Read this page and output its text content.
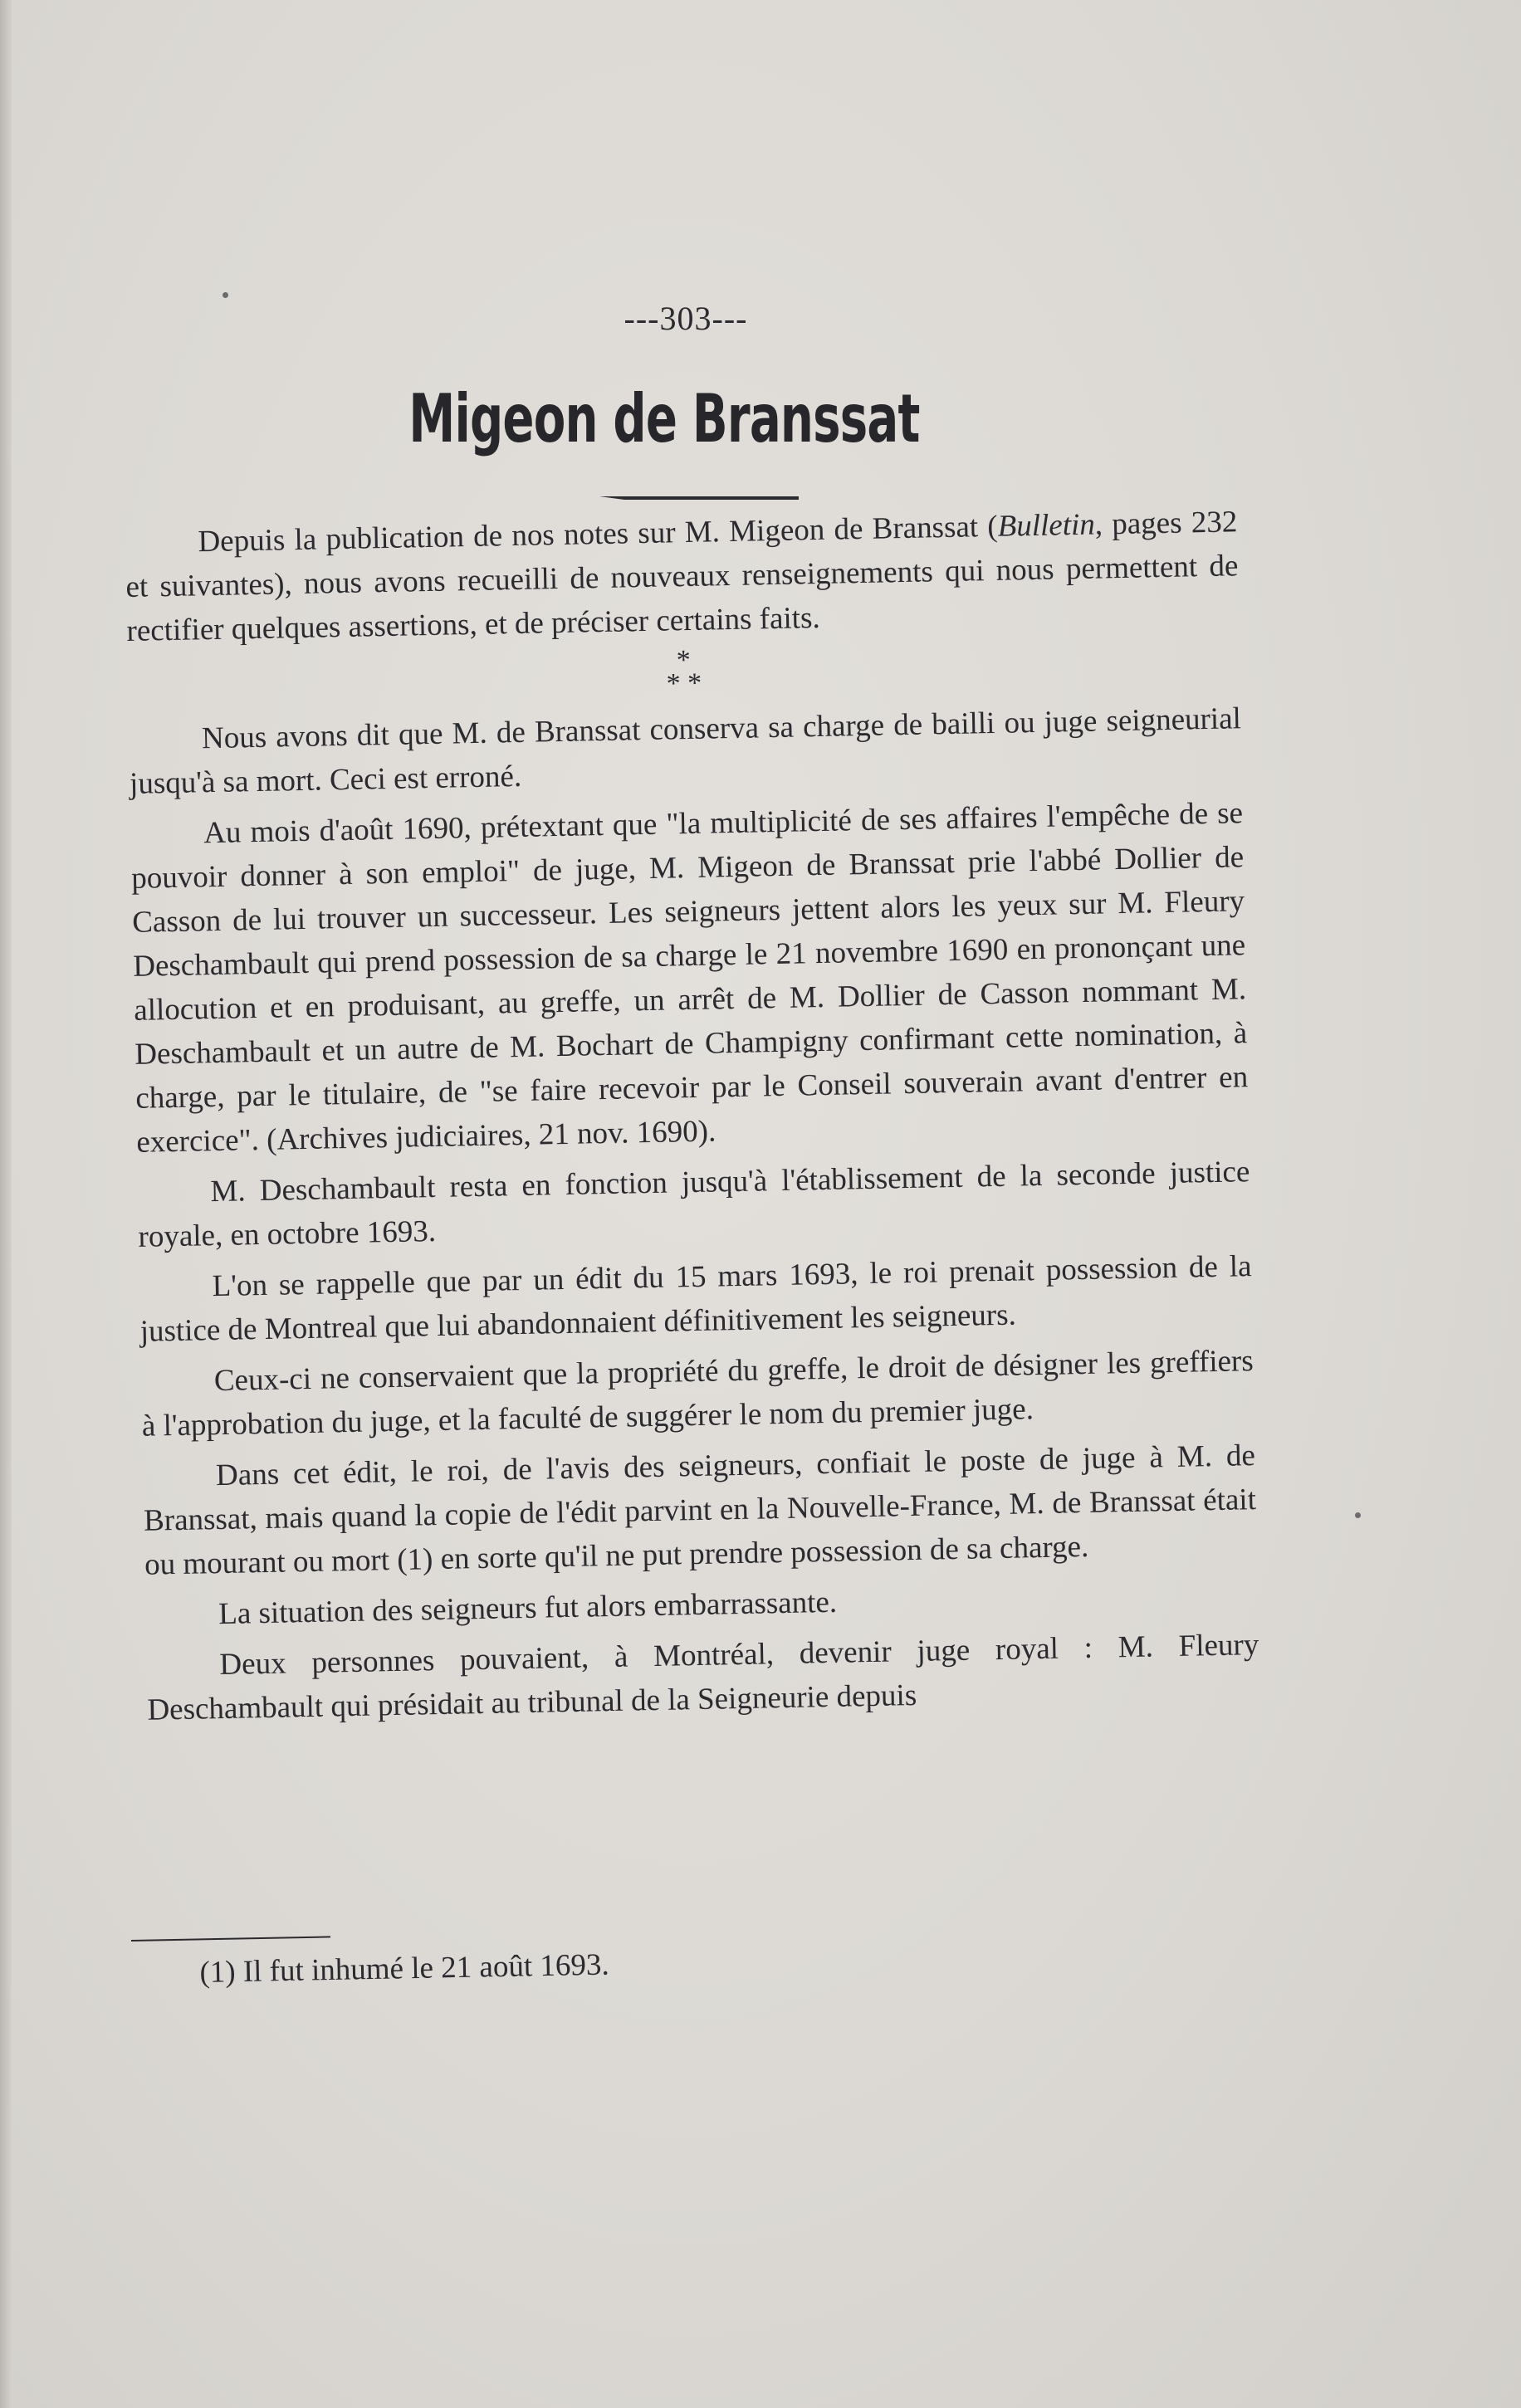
---303---
Migeon de Branssat

Depuis la publication de nos notes sur M. Migeon de Branssat (Bulletin, pages 232 et suivantes), nous avons recueilli de nouveaux renseignements qui nous permettent de rectifier quelques assertions, et de préciser certains faits.

*
* *

Nous avons dit que M. de Branssat conserva sa charge de bailli ou juge seigneurial jusqu'à sa mort. Ceci est erroné.

Au mois d'août 1690, prétextant que "la multiplicité de ses affaires l'empêche de se pouvoir donner à son emploi" de juge, M. Migeon de Branssat prie l'abbé Dollier de Casson de lui trouver un successeur. Les seigneurs jettent alors les yeux sur M. Fleury Deschambault qui prend possession de sa charge le 21 novembre 1690 en prononçant une allocution et en produisant, au greffe, un arrêt de M. Dollier de Casson nommant M. Deschambault et un autre de M. Bochart de Champigny confirmant cette nomination, à charge, par le titulaire, de "se faire recevoir par le Conseil souverain avant d'entrer en exercice". (Archives judiciaires, 21 nov. 1690).

M. Deschambault resta en fonction jusqu'à l'établissement de la seconde justice royale, en octobre 1693.

L'on se rappelle que par un édit du 15 mars 1693, le roi prenait possession de la justice de Montreal que lui abandonnaient définitivement les seigneurs.

Ceux-ci ne conservaient que la propriété du greffe, le droit de désigner les greffiers à l'approbation du juge, et la faculté de suggérer le nom du premier juge.

Dans cet édit, le roi, de l'avis des seigneurs, confiait le poste de juge à M. de Branssat, mais quand la copie de l'édit parvint en la Nouvelle-France, M. de Branssat était ou mourant ou mort (1) en sorte qu'il ne put prendre possession de sa charge.

La situation des seigneurs fut alors embarrassante.

Deux personnes pouvaient, à Montréal, devenir juge royal : M. Fleury Deschambault qui présidait au tribunal de la Seigneurie depuis

(1) Il fut inhumé le 21 août 1693.
